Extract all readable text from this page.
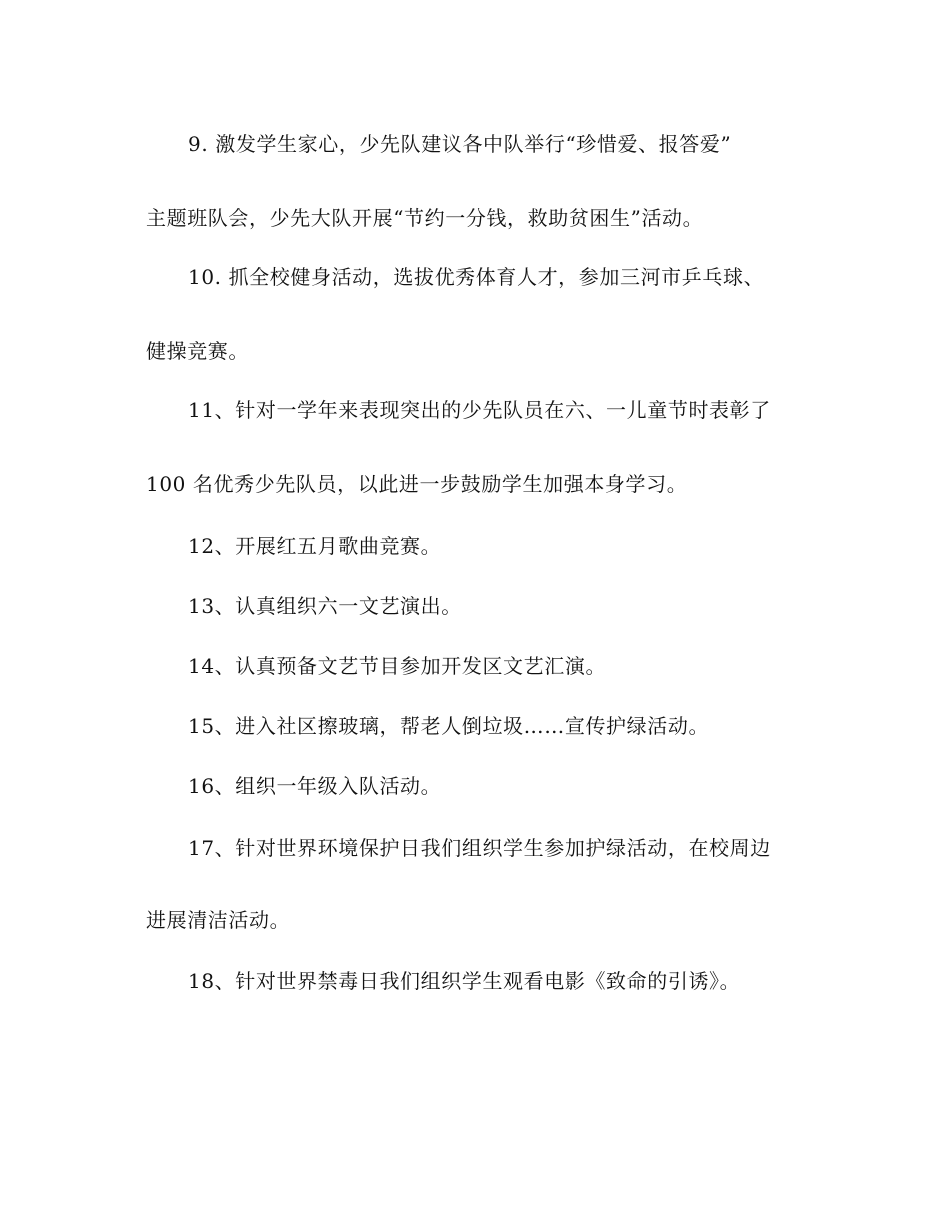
9. 激发学生家心，少先队建议各中队举行“珍惜爱、报答爱”
主题班队会，少先大队开展“节约一分钱，救助贫困生”活动。
10. 抓全校健身活动，选拔优秀体育人才，参加三河市乒乓球、
健操竞赛。
11、针对一学年来表现突出的少先队员在六、一儿童节时表彰了
100 名优秀少先队员，以此进一步鼓励学生加强本身学习。
12、开展红五月歌曲竞赛。
13、认真组织六一文艺演出。
14、认真预备文艺节目参加开发区文艺汇演。
15、进入社区擦玻璃，帮老人倒垃圾……宣传护绿活动。
16、组织一年级入队活动。
17、针对世界环境保护日我们组织学生参加护绿活动，在校周边
进展清洁活动。
18、针对世界禁毒日我们组织学生观看电影《致命的引诱》。
